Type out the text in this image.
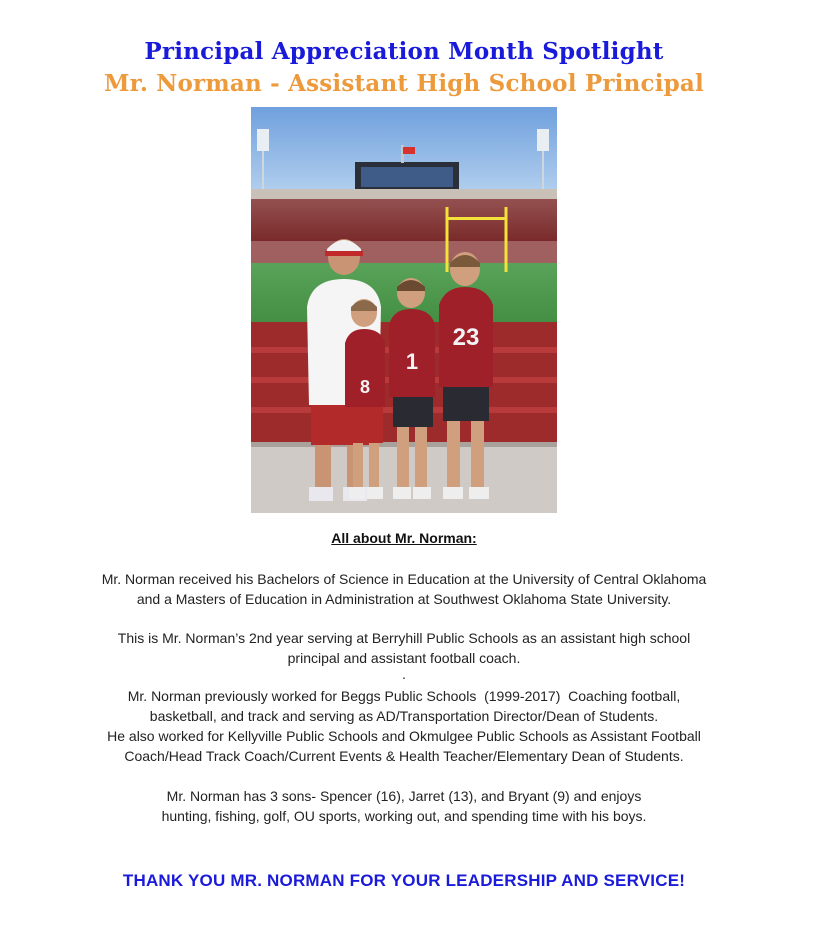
Principal Appreciation Month Spotlight
Mr. Norman - Assistant High School Principal
8
1
23
All about Mr. Norman:
Mr. Norman received his Bachelors of Science in Education at the University of Central Oklahoma
and a Masters of Education in Administration at Southwest Oklahoma State University.
This is Mr. Norman’s 2nd year serving at Berryhill Public Schools as an assistant high school
principal and assistant football coach.
.
Mr. Norman previously worked for Beggs Public Schools  (1999-2017)  Coaching football,
basketball, and track and serving as AD/Transportation Director/Dean of Students.
He also worked for Kellyville Public Schools and Okmulgee Public Schools as Assistant Football
Coach/Head Track Coach/Current Events & Health Teacher/Elementary Dean of Students.
Mr. Norman has 3 sons- Spencer (16), Jarret (13), and Bryant (9) and enjoys
hunting, fishing, golf, OU sports, working out, and spending time with his boys.
THANK YOU MR. NORMAN FOR YOUR LEADERSHIP AND SERVICE!
